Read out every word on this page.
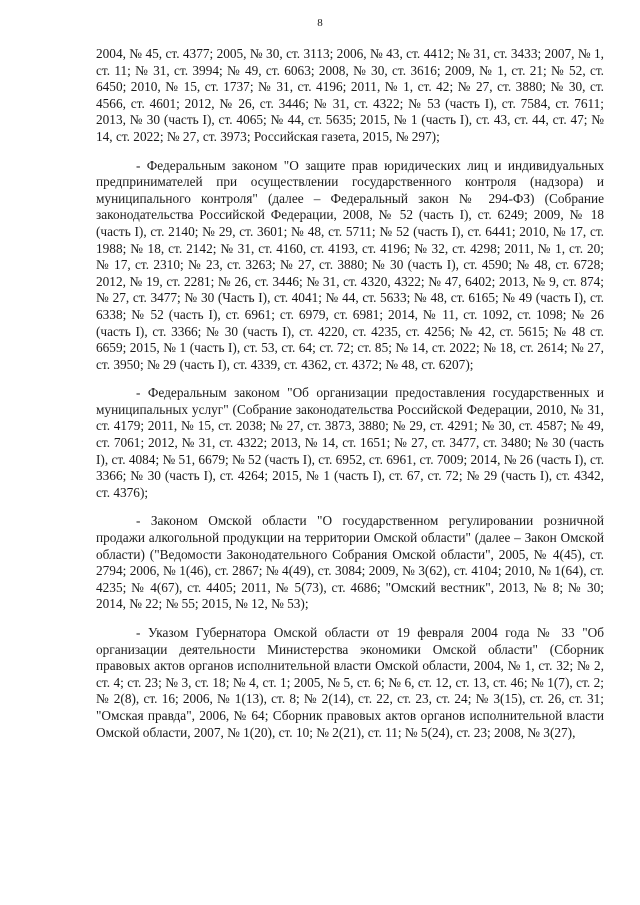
8

2004, № 45, ст. 4377; 2005, № 30, ст. 3113; 2006, № 43, ст. 4412; № 31, ст. 3433; 2007, № 1, ст. 11; № 31, ст. 3994; № 49, ст. 6063; 2008, № 30, ст. 3616; 2009, № 1, ст. 21; № 52, ст. 6450; 2010, № 15, ст. 1737; № 31, ст. 4196; 2011, № 1, ст. 42; № 27, ст. 3880; № 30, ст. 4566, ст. 4601; 2012, № 26, ст. 3446; № 31, ст. 4322; № 53 (часть I), ст. 7584, ст. 7611; 2013, № 30 (часть I), ст. 4065; № 44, ст. 5635; 2015, № 1 (часть I), ст. 43, ст. 44, ст. 47; № 14, ст. 2022; № 27, ст. 3973; Российская газета, 2015, № 297);

- Федеральным законом "О защите прав юридических лиц и индивидуальных предпринимателей при осуществлении государственного контроля (надзора) и муниципального контроля" (далее – Федеральный закон № 294-ФЗ) (Собрание законодательства Российской Федерации, 2008, № 52 (часть I), ст. 6249; 2009, № 18 (часть I), ст. 2140; № 29, ст. 3601; № 48, ст. 5711; № 52 (часть I), ст. 6441; 2010, № 17, ст. 1988; № 18, ст. 2142; № 31, ст. 4160, ст. 4193, ст. 4196; № 32, ст. 4298; 2011, № 1, ст. 20; № 17, ст. 2310; № 23, ст. 3263; № 27, ст. 3880; № 30 (часть I), ст. 4590; № 48, ст. 6728; 2012, № 19, ст. 2281; № 26, ст. 3446; № 31, ст. 4320, 4322; № 47, 6402; 2013, № 9, ст. 874; № 27, ст. 3477; № 30 (Часть I), ст. 4041; № 44, ст. 5633; № 48, ст. 6165; № 49 (часть I), ст. 6338; № 52 (часть I), ст. 6961; ст. 6979, ст. 6981; 2014, № 11, ст. 1092, ст. 1098; № 26 (часть I), ст. 3366; № 30 (часть I), ст. 4220, ст. 4235, ст. 4256; № 42, ст. 5615; № 48 ст. 6659; 2015, № 1 (часть I), ст. 53, ст. 64; ст. 72; ст. 85; № 14, ст. 2022; № 18, ст. 2614; № 27, ст. 3950; № 29 (часть I), ст. 4339, ст. 4362, ст. 4372; № 48, ст. 6207);

- Федеральным законом "Об организации предоставления государственных и муниципальных услуг" (Собрание законодательства Российской Федерации, 2010, № 31, ст. 4179; 2011, № 15, ст. 2038; № 27, ст. 3873, 3880; № 29, ст. 4291; № 30, ст. 4587; № 49, ст. 7061; 2012, № 31, ст. 4322; 2013, № 14, ст. 1651; № 27, ст. 3477, ст. 3480; № 30 (часть I), ст. 4084; № 51, 6679; № 52 (часть I), ст. 6952, ст. 6961, ст. 7009; 2014, № 26 (часть I), ст. 3366; № 30 (часть I), ст. 4264; 2015, № 1 (часть I), ст. 67, ст. 72; № 29 (часть I), ст. 4342, ст. 4376);

- Законом Омской области "О государственном регулировании розничной продажи алкогольной продукции на территории Омской области" (далее – Закон Омской области) ("Ведомости Законодательного Собрания Омской области", 2005, № 4(45), ст. 2794; 2006, № 1(46), ст. 2867; № 4(49), ст. 3084; 2009, № 3(62), ст. 4104; 2010, № 1(64), ст. 4235; № 4(67), ст. 4405; 2011, № 5(73), ст. 4686; "Омский вестник", 2013, № 8; № 30; 2014, № 22; № 55; 2015, № 12, № 53);

- Указом Губернатора Омской области от 19 февраля 2004 года № 33 "Об организации деятельности Министерства экономики Омской области" (Сборник правовых актов органов исполнительной власти Омской области, 2004, № 1, ст. 32; № 2, ст. 4; ст. 23; № 3, ст. 18; № 4, ст. 1; 2005, № 5, ст. 6; № 6, ст. 12, ст. 13, ст. 46; № 1(7), ст. 2; № 2(8), ст. 16; 2006, № 1(13), ст. 8; № 2(14), ст. 22, ст. 23, ст. 24; № 3(15), ст. 26, ст. 31; "Омская правда", 2006, № 64; Сборник правовых актов органов исполнительной власти Омской области, 2007, № 1(20), ст. 10; № 2(21), ст. 11; № 5(24), ст. 23; 2008, № 3(27),
